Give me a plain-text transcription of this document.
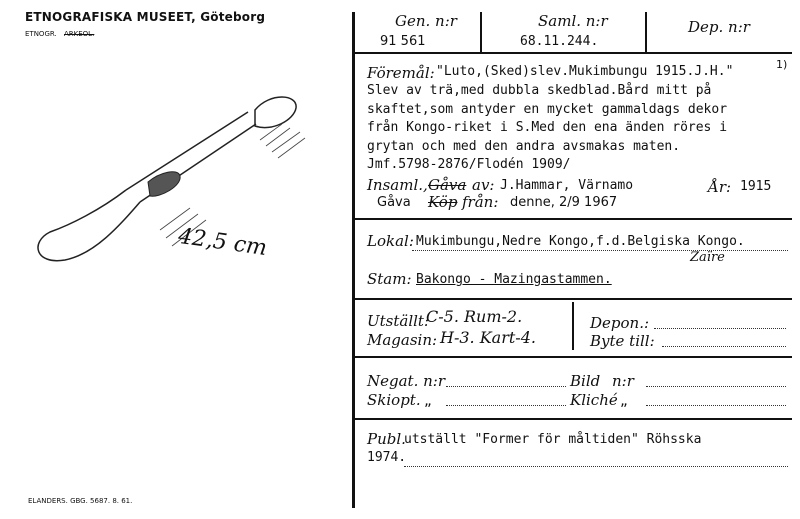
ETNOGRAFISKA MUSEET, Göteborg
ETNOGR. ARKEOL.
42,5 cm
ELANDERS. GBG. 5687. 8. 61.
Gen. n:r
91 561
Saml. n:r
68.11.244.
Dep. n:r
Föremål: "Luto,(Sked)slev.Mukimbungu 1915.J.H."	1)
Slev av trä,med dubbla skedblad.Bård mitt på
skaftet,som antyder en mycket gammaldags dekor
från Kongo-riket i S.Med den ena änden röres i
grytan och med den andra avsmakas maten.
Jmf.5798-2876/Flodén 1909/
Insaml., Gåva av: J.Hammar, Värnamo	År: 1915
Gåva Köp från: denne, 2/9 1967
Lokal: Mukimbungu,Nedre Kongo,f.d.Belgiska Kongo.
Zaïre
Stam: Bakongo - Mazingastammen.
Utställt:
C-5. Rum-2.
Magasin: H-3. Kart-4.
Depon.:
Byte till:
Negat. n:r	Bild n:r
Skiopt. „	Kliché „
Publ.
utställt "Former för måltiden" Röhsska
1974.
